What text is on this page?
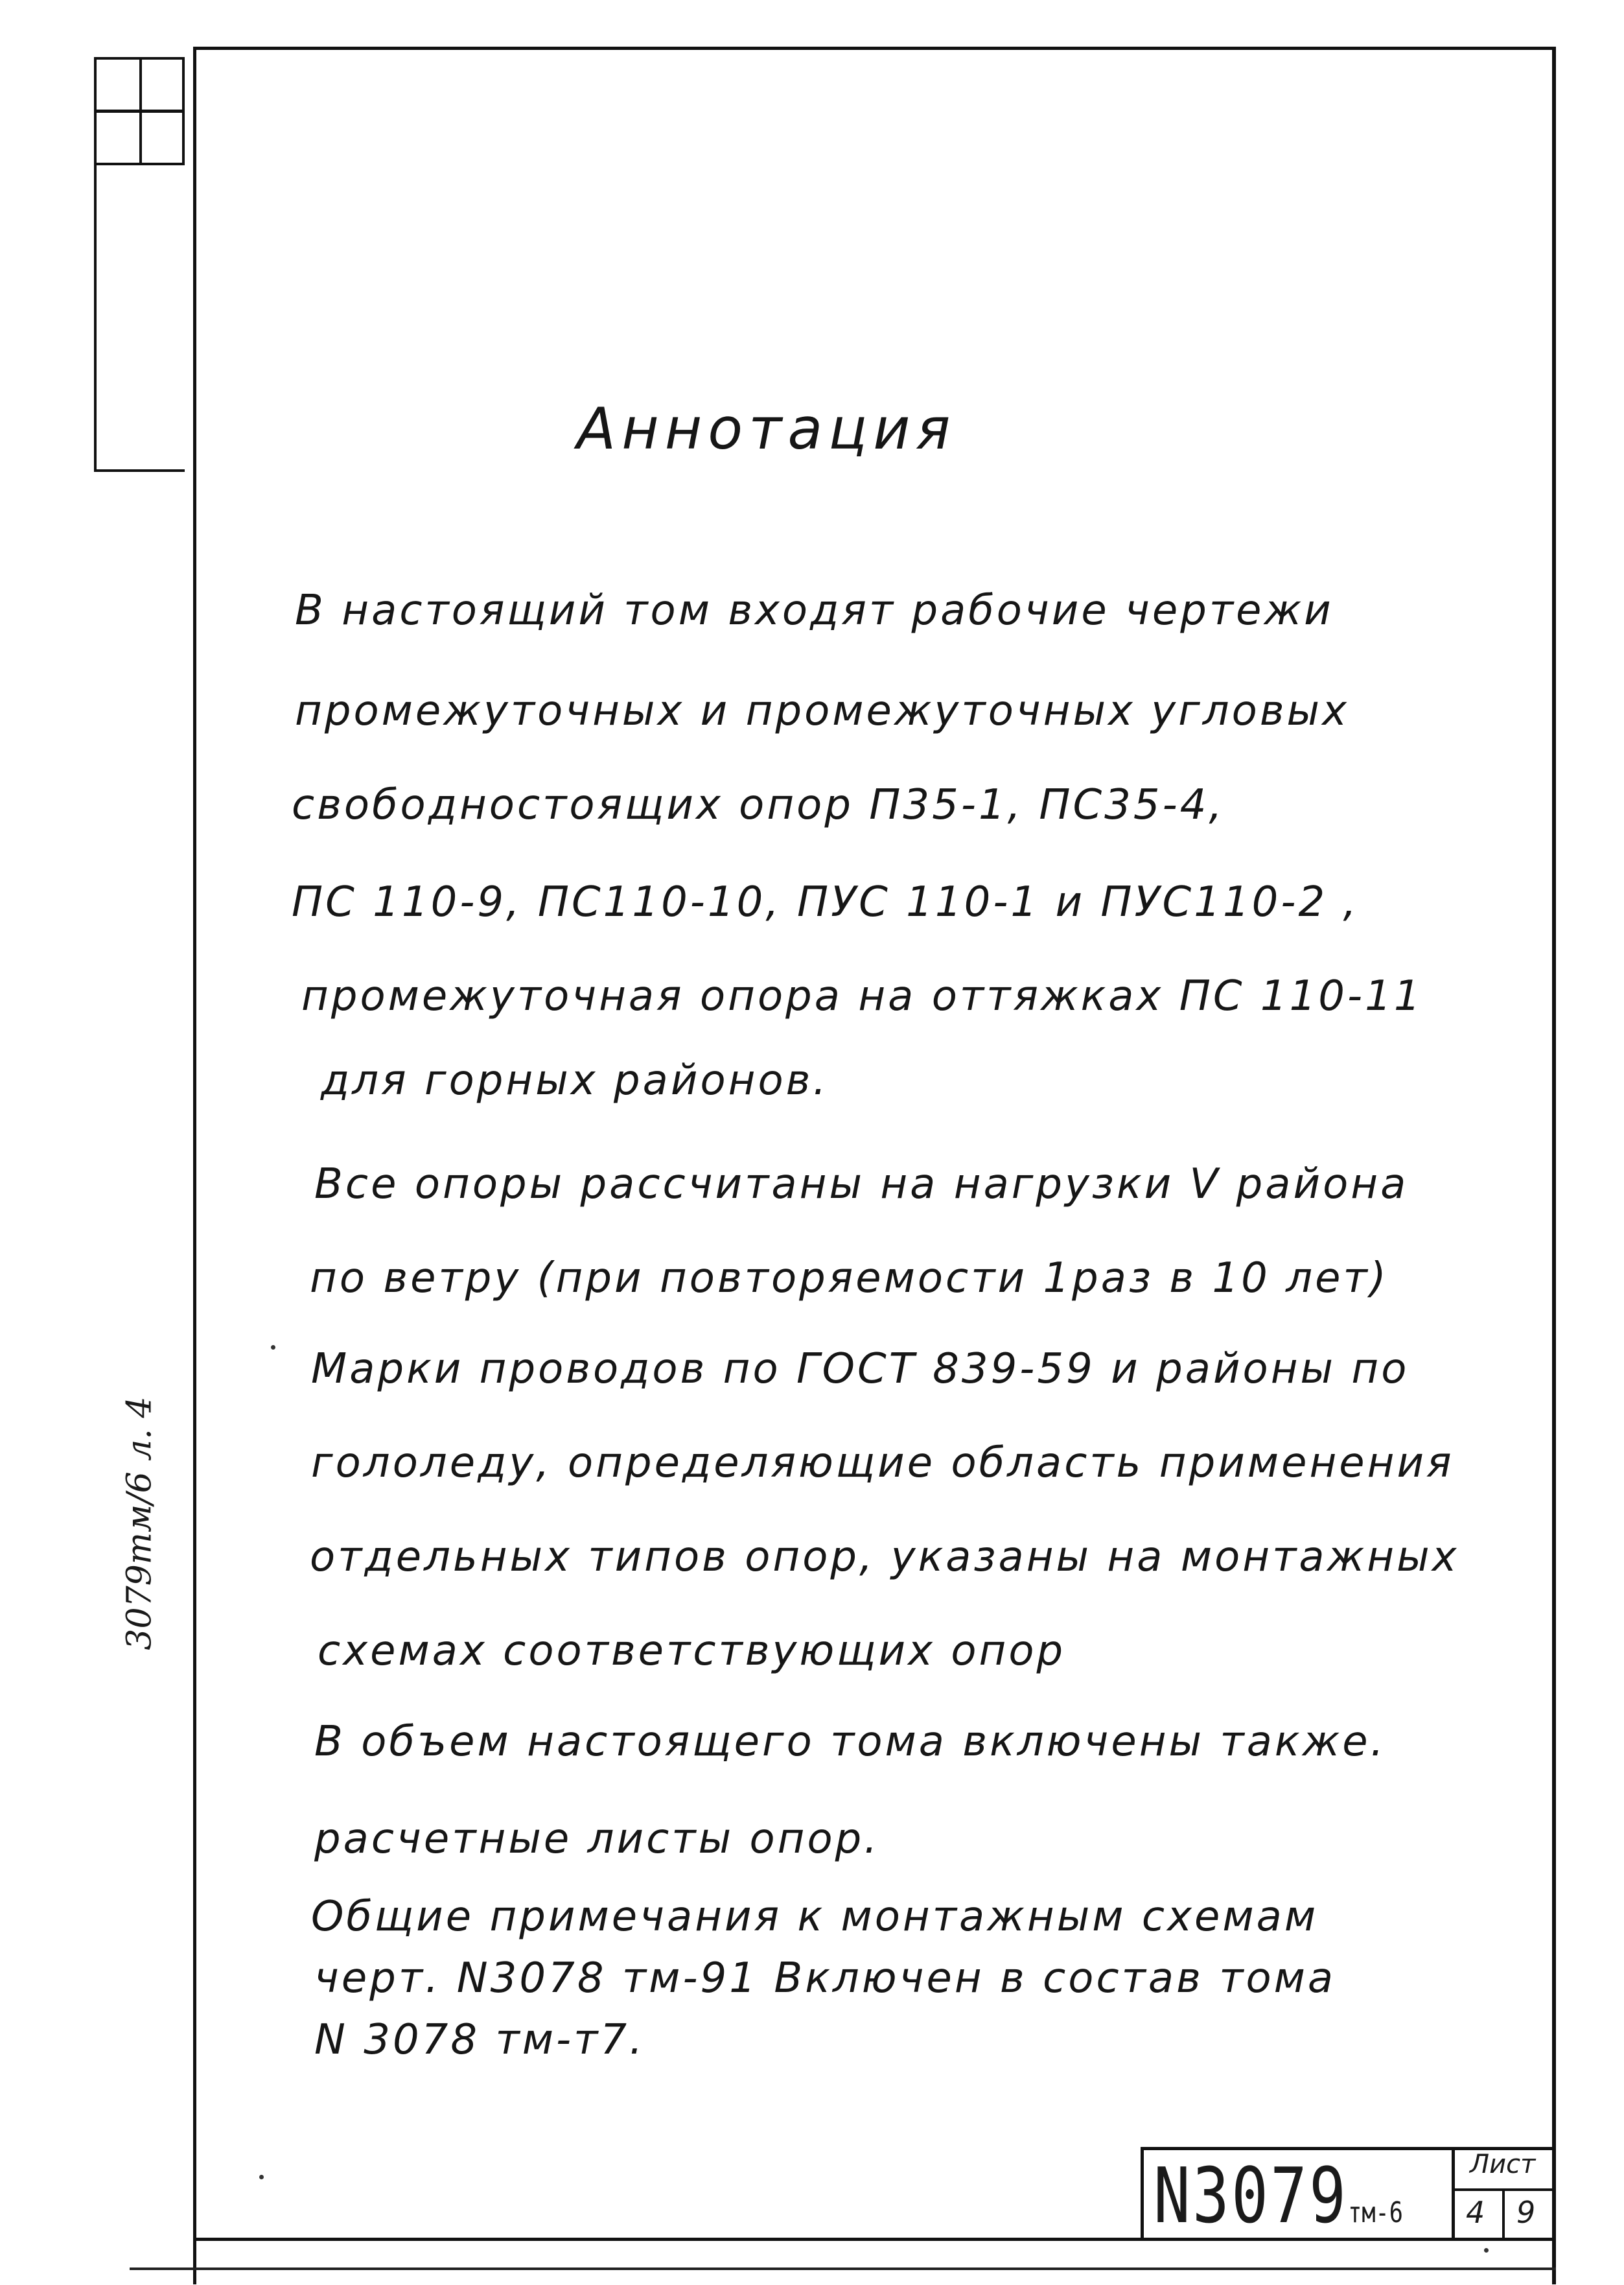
3079тм/6 л. 4
Аннотация
В настоящий том входят рабочие чертежи
промежуточных и промежуточных угловых
свободностоящих опор П35-1, ПС35-4,
ПС 110-9, ПС110-10, ПУС 110-1 и ПУС110-2 ,
промежуточная опора на оттяжках ПС 110-11
для горных районов.
Все опоры рассчитаны на нагрузки V района
по ветру (при повторяемости 1раз в 10 лет)
Марки проводов по ГОСТ 839-59 и районы по
гололеду, определяющие область применения
отдельных типов опор, указаны на монтажных
схемах соответствующих опор
В объем настоящего тома включены также.
расчетные листы опор.
Общие примечания к монтажным схемам
черт. N3078 тм-91 Включен в состав тома
N 3078 тм-т7.
N3079тм-6
Лист
4 9
